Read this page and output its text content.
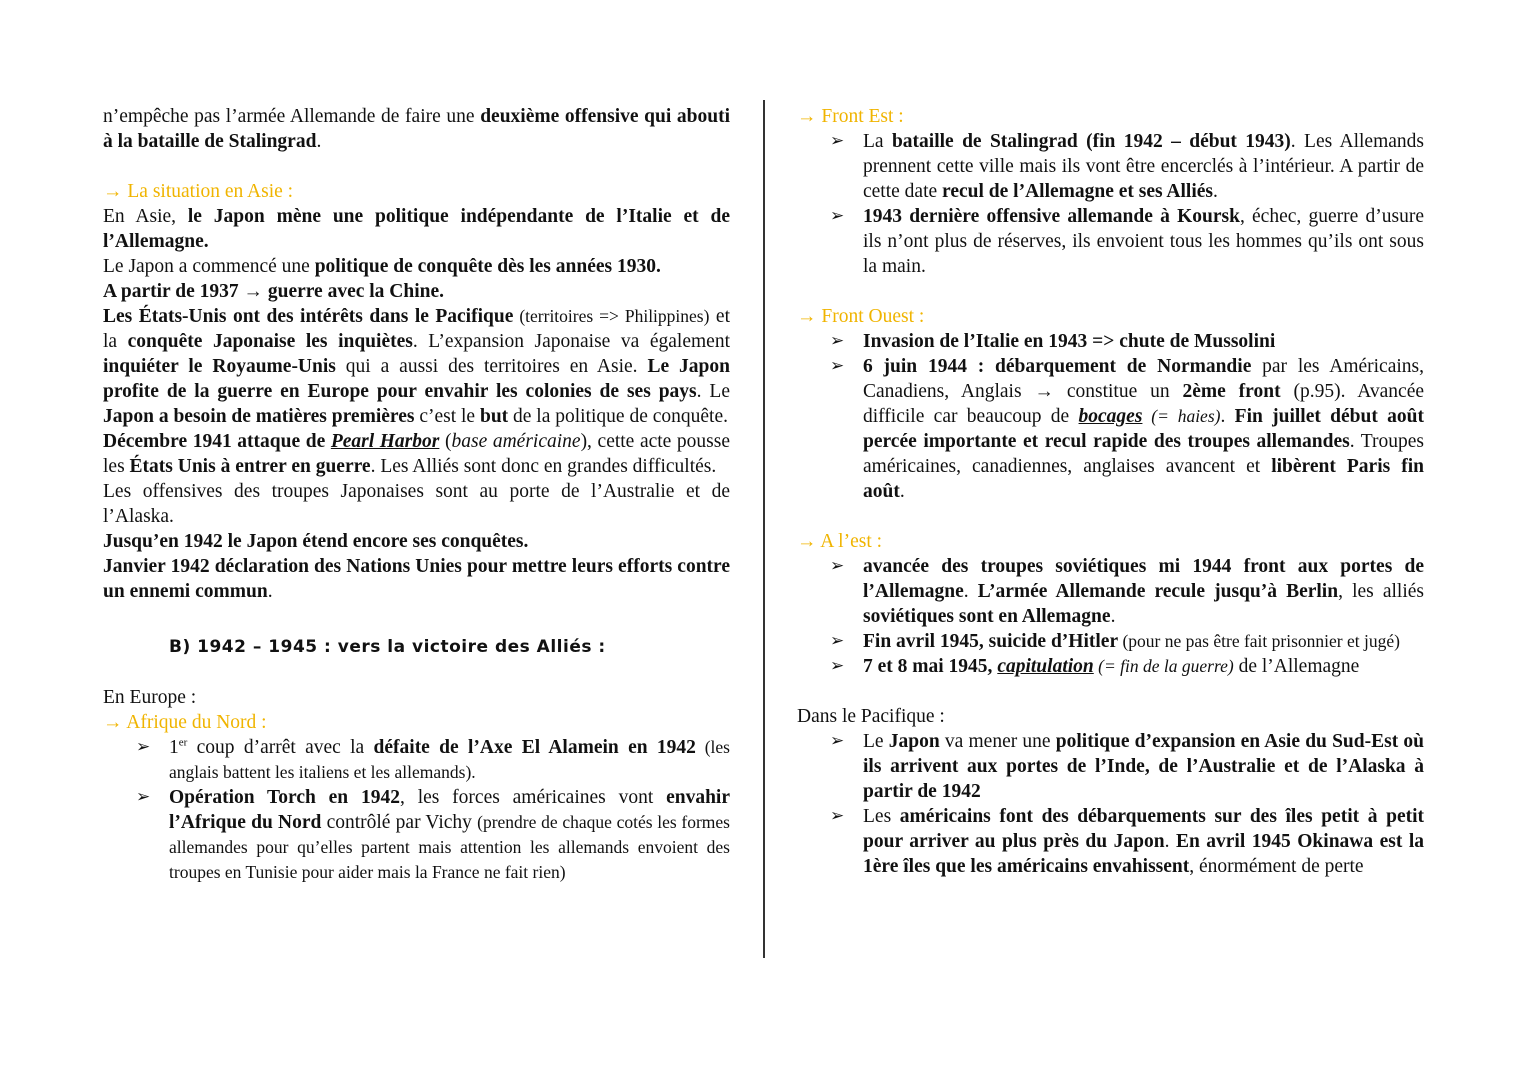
n’empêche pas l’armée Allemande de faire une deuxième offensive qui abouti à la bataille de Stalingrad.

→ La situation en Asie :

En Asie, le Japon mène une politique indépendante de l’Italie et de l’Allemagne.

Le Japon a commencé une politique de conquête dès les années 1930.

A partir de 1937 → guerre avec la Chine.

Les États-Unis ont des intérêts dans le Pacifique (territoires => Philippines) et la conquête Japonaise les inquiètes. L’expansion Japonaise va également inquiéter le Royaume-Unis qui a aussi des territoires en Asie. Le Japon profite de la guerre en Europe pour envahir les colonies de ses pays. Le Japon a besoin de matières premières c’est le but de la politique de conquête.

Décembre 1941 attaque de Pearl Harbor (base américaine), cette acte pousse les États Unis à entrer en guerre. Les Alliés sont donc en grandes difficultés.

Les offensives des troupes Japonaises sont au porte de l’Australie et de l’Alaska.

Jusqu’en 1942 le Japon étend encore ses conquêtes.

Janvier 1942 déclaration des Nations Unies pour mettre leurs efforts contre un ennemi commun.

B) 1942 – 1945 : vers la victoire des Alliés :

En Europe :

→ Afrique du Nord :

➢ 1er coup d’arrêt avec la défaite de l’Axe El Alamein en 1942 (les anglais battent les italiens et les allemands).
➢ Opération Torch en 1942, les forces américaines vont envahir l’Afrique du Nord contrôlé par Vichy (prendre de chaque cotés les formes allemandes pour qu’elles partent mais attention les allemands envoient des troupes en Tunisie pour aider mais la France ne fait rien)

→ Front Est :

➢ La bataille de Stalingrad (fin 1942 – début 1943). Les Allemands prennent cette ville mais ils vont être encerclés à l’intérieur. A partir de cette date recul de l’Allemagne et ses Alliés.
➢ 1943 dernière offensive allemande à Koursk, échec, guerre d’usure ils n’ont plus de réserves, ils envoient tous les hommes qu’ils ont sous la main.

→ Front Ouest :

➢ Invasion de l’Italie en 1943 => chute de Mussolini
➢ 6 juin 1944 : débarquement de Normandie par les Américains, Canadiens, Anglais → constitue un 2ème front (p.95). Avancée difficile car beaucoup de bocages (= haies). Fin juillet début août percée importante et recul rapide des troupes allemandes. Troupes américaines, canadiennes, anglaises avancent et libèrent Paris fin août.

→ A l’est :

➢ avancée des troupes soviétiques mi 1944 front aux portes de l’Allemagne. L’armée Allemande recule jusqu’à Berlin, les alliés soviétiques sont en Allemagne.
➢ Fin avril 1945, suicide d’Hitler (pour ne pas être fait prisonnier et jugé)
➢ 7 et 8 mai 1945, capitulation (= fin de la guerre) de l’Allemagne

Dans le Pacifique :

➢ Le Japon va mener une politique d’expansion en Asie du Sud-Est où ils arrivent aux portes de l’Inde, de l’Australie et de l’Alaska à partir de 1942
➢ Les américains font des débarquements sur des îles petit à petit pour arriver au plus près du Japon. En avril 1945 Okinawa est la 1ère îles que les américains envahissent, énormément de perte
